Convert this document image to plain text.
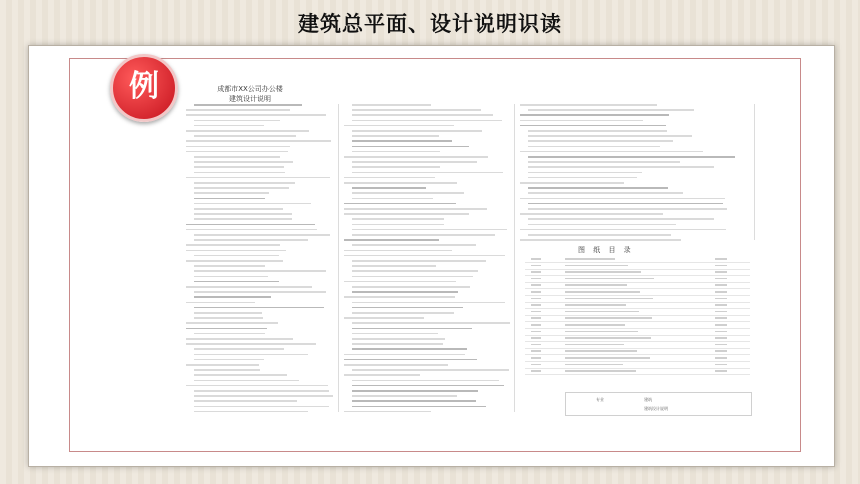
建筑总平面、设计说明识读
例	成都市XX公司办公楼
建筑设计说明
图 纸 目 录
专业	建筑
建筑设计说明
